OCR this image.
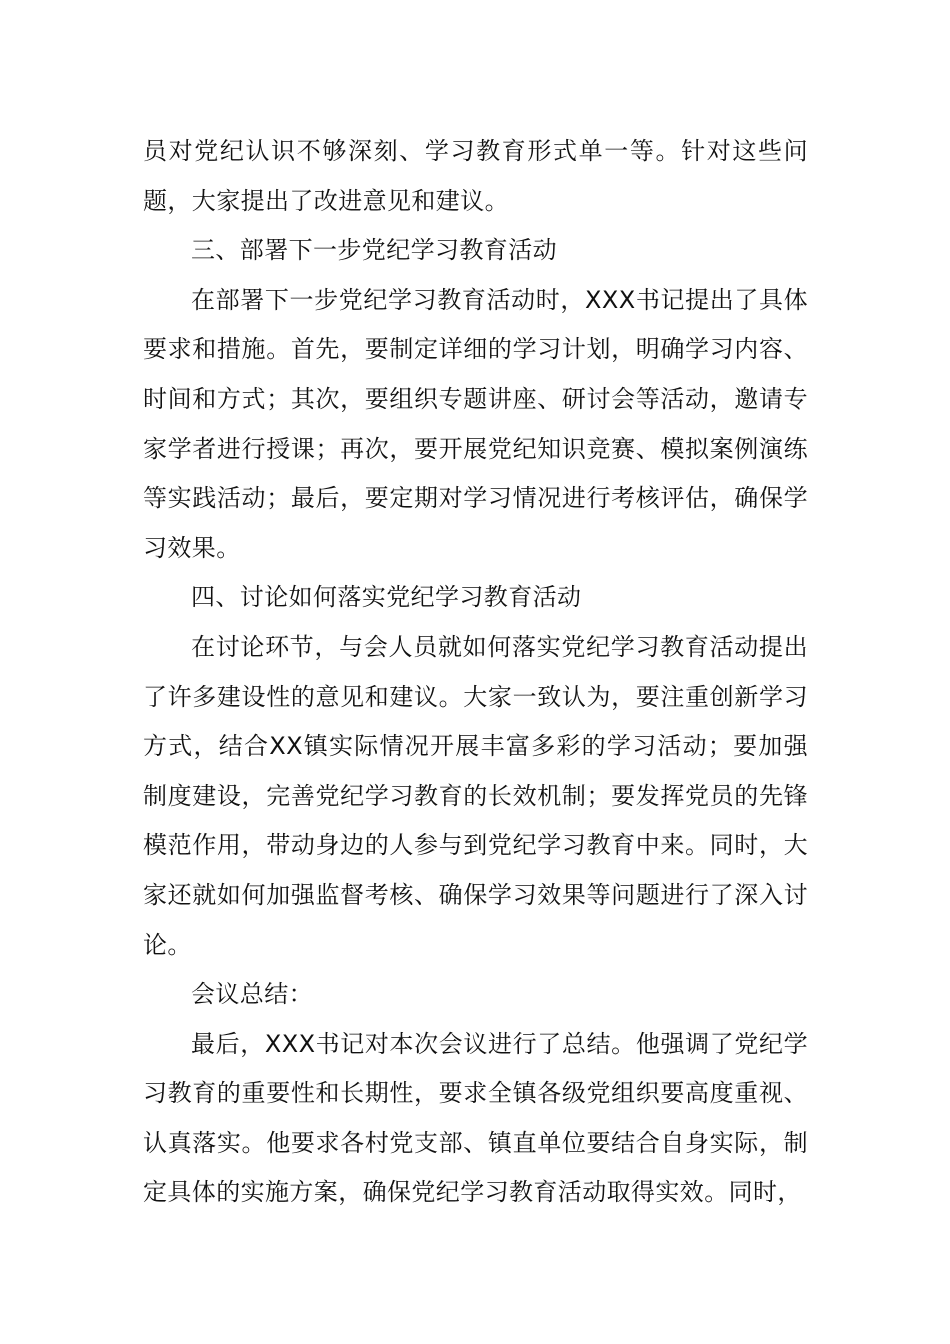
员对党纪认识不够深刻、学习教育形式单一等。针对这些问题，大家提出了改进意见和建议。

三、部署下一步党纪学习教育活动

在部署下一步党纪学习教育活动时，XXX书记提出了具体要求和措施。首先，要制定详细的学习计划，明确学习内容、时间和方式；其次，要组织专题讲座、研讨会等活动，邀请专家学者进行授课；再次，要开展党纪知识竞赛、模拟案例演练等实践活动；最后，要定期对学习情况进行考核评估，确保学习效果。

四、讨论如何落实党纪学习教育活动

在讨论环节，与会人员就如何落实党纪学习教育活动提出了许多建设性的意见和建议。大家一致认为，要注重创新学习方式，结合XX镇实际情况开展丰富多彩的学习活动；要加强制度建设，完善党纪学习教育的长效机制；要发挥党员的先锋模范作用，带动身边的人参与到党纪学习教育中来。同时，大家还就如何加强监督考核、确保学习效果等问题进行了深入讨论。

会议总结：

最后，XXX书记对本次会议进行了总结。他强调了党纪学习教育的重要性和长期性，要求全镇各级党组织要高度重视、认真落实。他要求各村党支部、镇直单位要结合自身实际，制定具体的实施方案，确保党纪学习教育活动取得实效。同时，
